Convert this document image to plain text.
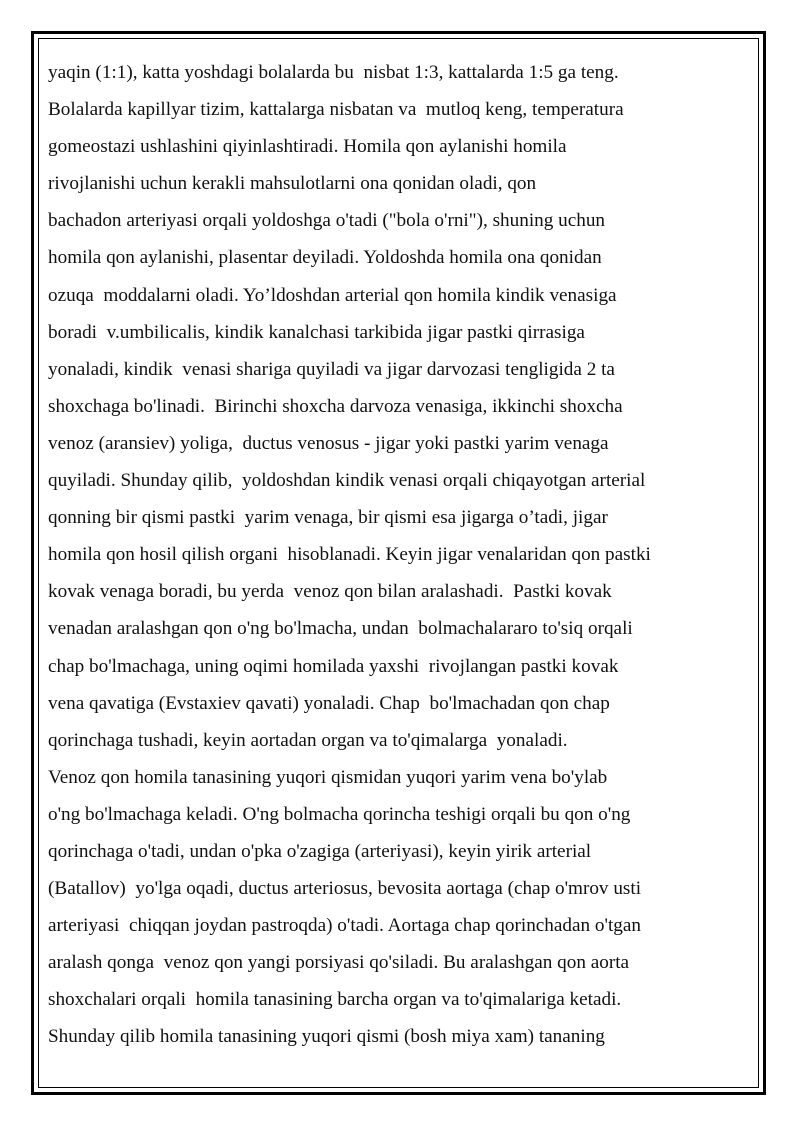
yaqin (1:1), katta yoshdagi bolalarda bu  nisbat 1:3, kattalarda 1:5 ga teng.
Bolalarda kapillyar tizim, kattalarga nisbatan va  mutloq keng, temperatura
gomeostazi ushlashini qiyinlashtiradi. Homila qon aylanishi homila
rivojlanishi uchun kerakli mahsulotlarni ona qonidan oladi, qon
bachadon arteriyasi orqali yoldoshga o'tadi ("bola o'rni"), shuning uchun
homila qon aylanishi, plasentar deyiladi. Yoldoshda homila ona qonidan
ozuqa  moddalarni oladi. Yo’ldoshdan arterial qon homila kindik venasiga
boradi  v.umbilicalis, kindik kanalchasi tarkibida jigar pastki qirrasiga
yonaladi, kindik  venasi shariga quyiladi va jigar darvozasi tengligida 2 ta
shoxchaga bo'linadi.  Birinchi shoxcha darvoza venasiga, ikkinchi shoxcha
venoz (aransiev) yoliga,  ductus venosus - jigar yoki pastki yarim venaga
quyiladi. Shunday qilib,  yoldoshdan kindik venasi orqali chiqayotgan arterial
qonning bir qismi pastki  yarim venaga, bir qismi esa jigarga o’tadi, jigar
homila qon hosil qilish organi  hisoblanadi. Keyin jigar venalaridan qon pastki
kovak venaga boradi, bu yerda  venoz qon bilan aralashadi.  Pastki kovak
venadan aralashgan qon o'ng bo'lmacha, undan  bolmachalararo to'siq orqali
chap bo'lmachaga, uning oqimi homilada yaxshi  rivojlangan pastki kovak
vena qavatiga (Evstaxiev qavati) yonaladi. Chap  bo'lmachadan qon chap
qorinchaga tushadi, keyin aortadan organ va to'qimalarga  yonaladi.
Venoz qon homila tanasining yuqori qismidan yuqori yarim vena bo'ylab
o'ng bo'lmachaga keladi. O'ng bolmacha qorincha teshigi orqali bu qon o'ng
qorinchaga o'tadi, undan o'pka o'zagiga (arteriyasi), keyin yirik arterial
(Batallov)  yo'lga oqadi, ductus arteriosus, bevosita aortaga (chap o'mrov usti
arteriyasi  chiqqan joydan pastroqda) o'tadi. Aortaga chap qorinchadan o'tgan
aralash qonga  venoz qon yangi porsiyasi qo'siladi. Bu aralashgan qon aorta
shoxchalari orqali  homila tanasining barcha organ va to'qimalariga ketadi.
Shunday qilib homila tanasining yuqori qismi (bosh miya xam) tananing
